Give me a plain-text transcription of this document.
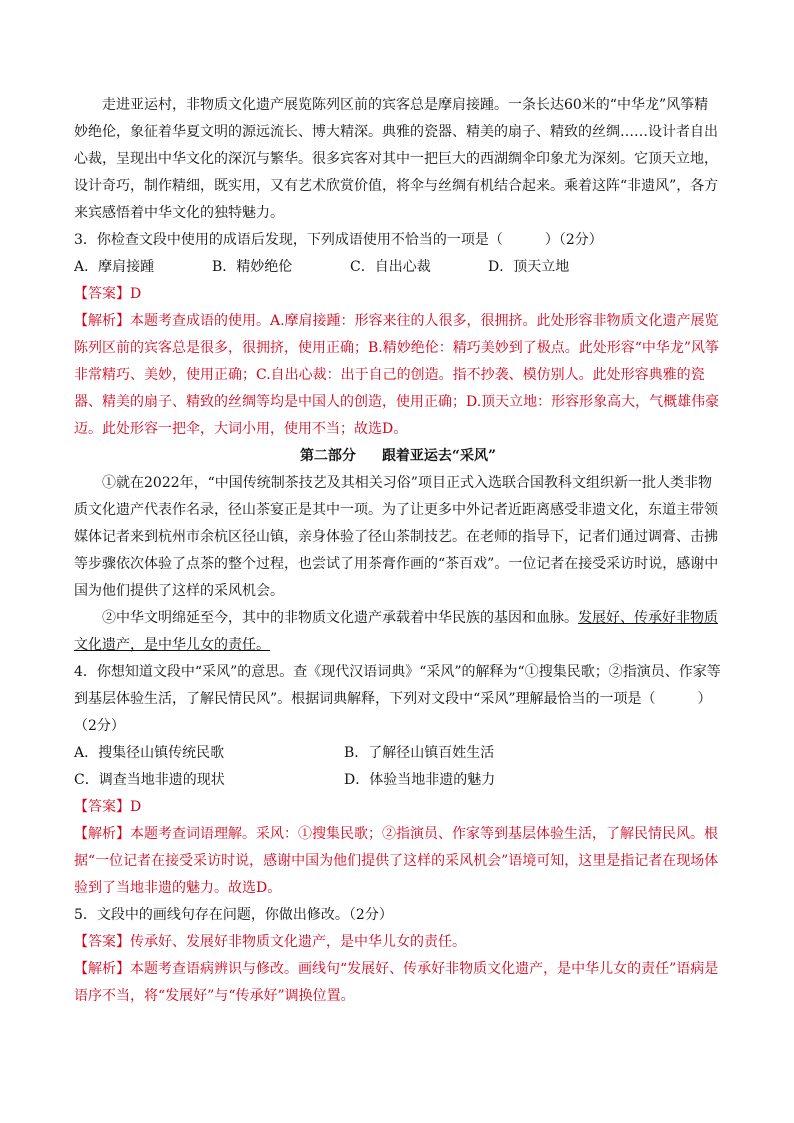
走进亚运村，非物质文化遗产展览陈列区前的宾客总是摩肩接踵。一条长达60米的“中华龙”风筝精妙绝伦，象征着华夏文明的源远流长、博大精深。典雅的瓷器、精美的扇子、精致的丝绸……设计者自出心裁，呈现出中华文化的深沉与繁华。很多宾客对其中一把巨大的西湖绸伞印象尤为深刻。它顶天立地，设计奇巧，制作精细，既实用，又有艺术欣赏价值，将伞与丝绸有机结合起来。乘着这阵“非遗风”，各方来宾感悟着中华文化的独特魅力。

3．你检查文段中使用的成语后发现，下列成语使用不恰当的一项是（　　　）（2分）

A．摩肩接踵	B．精妙绝伦	C．自出心裁	D．顶天立地

【答案】D

【解析】本题考查成语的使用。A.摩肩接踵：形容来往的人很多，很拥挤。此处形容非物质文化遗产展览陈列区前的宾客总是很多，很拥挤，使用正确；B.精妙绝伦：精巧美妙到了极点。此处形容“中华龙”风筝非常精巧、美妙，使用正确；C.自出心裁：出于自己的创造。指不抄袭、模仿别人。此处形容典雅的瓷器、精美的扇子、精致的丝绸等均是中国人的创造，使用正确；D.顶天立地：形容形象高大，气概雄伟豪迈。此处形容一把伞，大词小用，使用不当；故选D。

第二部分 跟着亚运去“采风”

①就在2022年，“中国传统制茶技艺及其相关习俗”项目正式入选联合国教科文组织新一批人类非物质文化遗产代表作名录，径山茶宴正是其中一项。为了让更多中外记者近距离感受非遗文化，东道主带领媒体记者来到杭州市余杭区径山镇，亲身体验了径山茶制技艺。在老师的指导下，记者们通过调膏、击拂等步骤依次体验了点茶的整个过程，也尝试了用茶膏作画的“茶百戏”。一位记者在接受采访时说，感谢中国为他们提供了这样的采风机会。

②中华文明绵延至今，其中的非物质文化遗产承载着中华民族的基因和血脉。发展好、传承好非物质文化遗产，是中华儿女的责任。

4．你想知道文段中“采风”的意思。查《现代汉语词典》“采风”的解释为“①搜集民歌；②指演员、作家等到基层体验生活，了解民情民风”。根据词典解释，下列对文段中“采风”理解最恰当的一项是（　　　）（2分）

A．搜集径山镇传统民歌	B．了解径山镇百姓生活
C．调查当地非遗的现状	D．体验当地非遗的魅力

【答案】D

【解析】本题考查词语理解。采风：①搜集民歌；②指演员、作家等到基层体验生活，了解民情民风。根据“一位记者在接受采访时说，感谢中国为他们提供了这样的采风机会”语境可知，这里是指记者在现场体验到了当地非遗的魅力。故选D。

5．文段中的画线句存在问题，你做出修改。（2分）

【答案】传承好、发展好非物质文化遗产，是中华儿女的责任。

【解析】本题考查语病辨识与修改。画线句“发展好、传承好非物质文化遗产，是中华儿女的责任”语病是语序不当，将“发展好”与“传承好”调换位置。
